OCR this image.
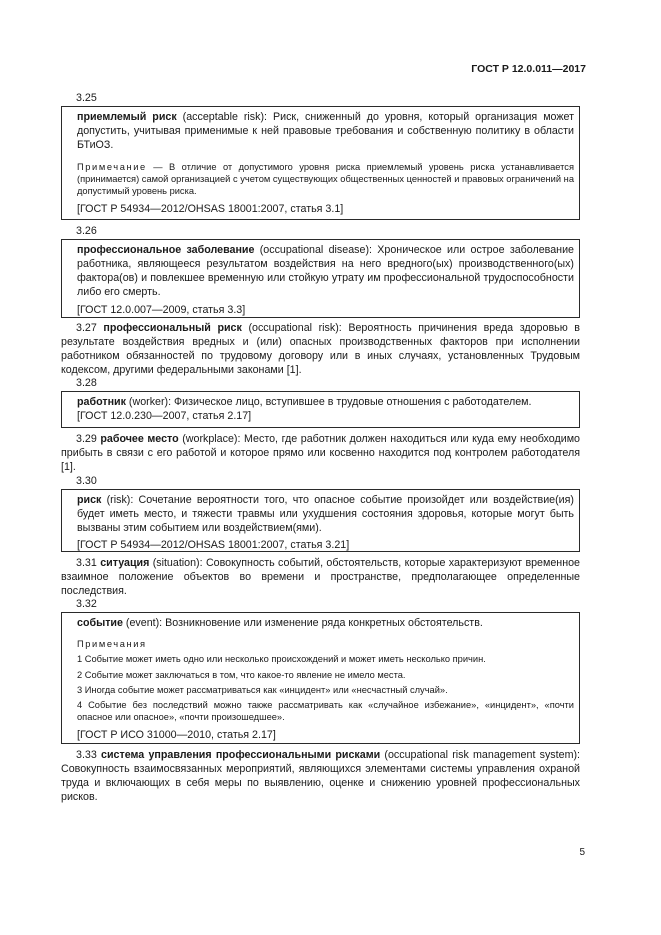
ГОСТ Р 12.0.011—2017
3.25

приемлемый риск (acceptable risk): Риск, сниженный до уровня, который организация может допустить, учитывая применимые к ней правовые требования и собственную политику в области БТиОЗ.

Примечание — В отличие от допустимого уровня риска приемлемый уровень риска устанавливается (принимается) самой организацией с учетом существующих общественных ценностей и правовых ограничений на допустимый уровень риска.

[ГОСТ Р 54934—2012/OHSAS 18001:2007, статья 3.1]

3.26

профессиональное заболевание (occupational disease): Хроническое или острое заболевание работника, являющееся результатом воздействия на него вредного(ых) производственного(ых) фактора(ов) и повлекшее временную или стойкую утрату им профессиональной трудоспособности либо его смерть.

[ГОСТ 12.0.007—2009, статья 3.3]

3.27 профессиональный риск (occupational risk): Вероятность причинения вреда здоровью в результате воздействия вредных и (или) опасных производственных факторов при исполнении работником обязанностей по трудовому договору или в иных случаях, установленных Трудовым кодексом, другими федеральными законами [1].

3.28

работник (worker): Физическое лицо, вступившее в трудовые отношения с работодателем.

[ГОСТ 12.0.230—2007, статья 2.17]

3.29 рабочее место (workplace): Место, где работник должен находиться или куда ему необходимо прибыть в связи с его работой и которое прямо или косвенно находится под контролем работодателя [1].

3.30

риск (risk): Сочетание вероятности того, что опасное событие произойдет или воздействие(ия) будет иметь место, и тяжести травмы или ухудшения состояния здоровья, которые могут быть вызваны этим событием или воздействием(ями).

[ГОСТ Р 54934—2012/OHSAS 18001:2007, статья 3.21]

3.31 ситуация (situation): Совокупность событий, обстоятельств, которые характеризуют временное взаимное положение объектов во времени и пространстве, предполагающее определенные последствия.

3.32

событие (event): Возникновение или изменение ряда конкретных обстоятельств.

Примечания
1 Событие может иметь одно или несколько происхождений и может иметь несколько причин.
2 Событие может заключаться в том, что какое-то явление не имело места.
3 Иногда событие может рассматриваться как «инцидент» или «несчастный случай».
4 Событие без последствий можно также рассматривать как «случайное избежание», «инцидент», «почти опасное или опасное», «почти произошедшее».

[ГОСТ Р ИСО 31000—2010, статья 2.17]

3.33 система управления профессиональными рисками (occupational risk management system): Совокупность взаимосвязанных мероприятий, являющихся элементами системы управления охраной труда и включающих в себя меры по выявлению, оценке и снижению уровней профессиональных рисков.

5
